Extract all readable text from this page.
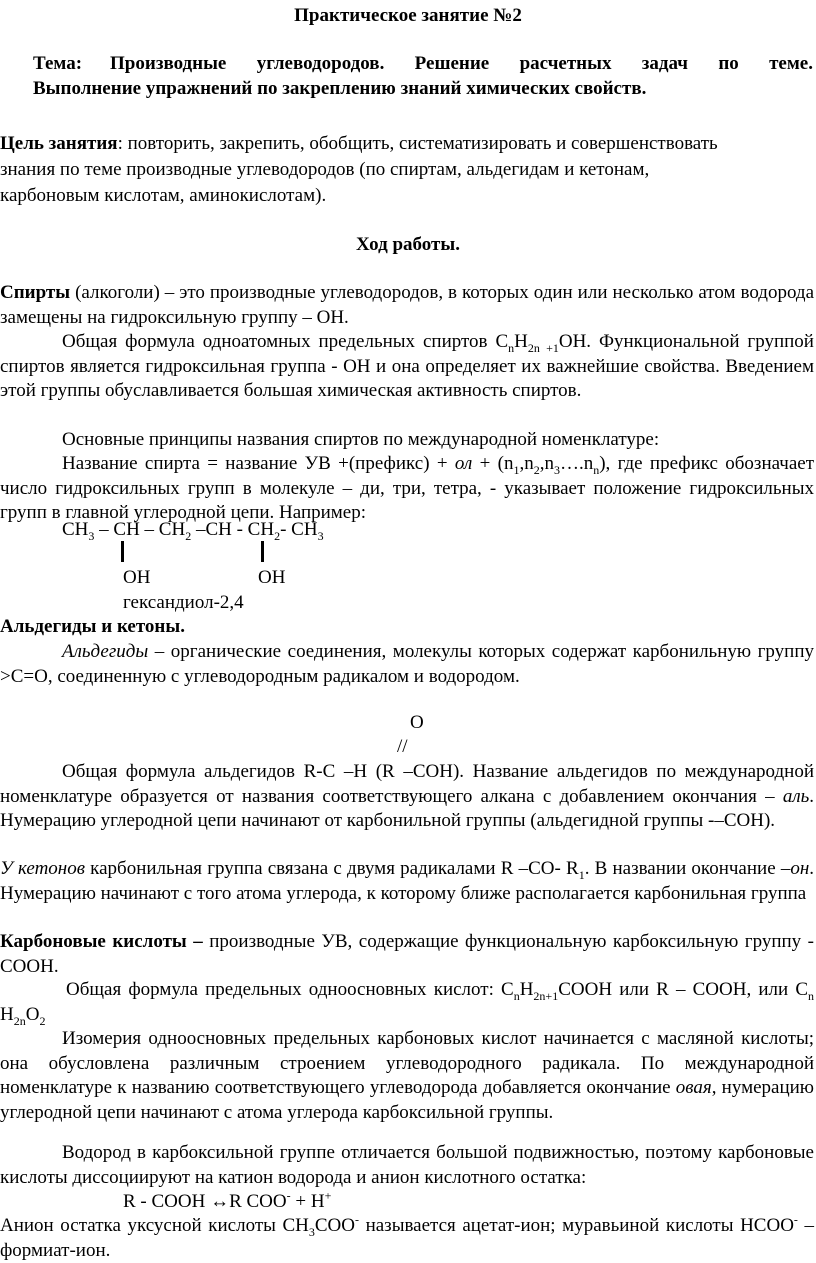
Практическое занятие №2
Тема: Производные углеводородов. Решение расчетных задач по теме.
Выполнение упражнений по закреплению знаний химических свойств.
Цель занятия: повторить, закрепить, обобщить, систематизировать и совершенствовать
знания по теме производные углеводородов (по спиртам, альдегидам и кетонам,
карбоновым кислотам, аминокислотам).
Ход работы.
Спирты (алкоголи) – это производные углеводородов, в которых один или несколько атом водорода замещены на гидроксильную группу – ОН.
Общая формула одноатомных предельных спиртов $C_nH_{2n +1}ОН$. Функциональной группой спиртов является гидроксильная группа - ОН и она определяет их важнейшие свойства. Введением этой группы обуславливается большая химическая активность спиртов.
Основные принципы названия спиртов по международной номенклатуре:
Название спирта = название УВ +(префикс) + ол + $(n_1,n_2,n_3\dots.n_n)$, где префикс обозначает число гидроксильных групп в молекуле – ди, три, тетра, - указывает положение гидроксильных групп в главной углеродной цепи. Например:
$CH_3$ – CH – $CH_2$ $-CH - CH_2-$ $CH_3$
OH	OH
гександиол-2,4
Альдегиды и кетоны.
Альдегиды – органические соединения, молекулы которых содержат карбонильную группу >С=О, соединенную с углеводородным радикалом и водородом.
O
//
Общая формула альдегидов R-C –H (R –COH). Название альдегидов по международной номенклатуре образуется от названия соответствующего алкана с добавлением окончания – аль. Нумерацию углеродной цепи начинают от карбонильной группы (альдегидной группы -–СОН).
У кетонов карбонильная группа связана с двумя радикалами R –CO- $R_1$. В названии окончание –он. Нумерацию начинают с того атома углерода, к которому ближе располагается карбонильная группа
Карбоновые кислоты – производные УВ, содержащие функциональную карбоксильную группу - СООН.
Общая формула предельных одноосновных кислот: $C_nH_{2n+1}COOH$ или R – COOH, или $C_n$ $H_{2n}O_2$
Изомерия одноосновных предельных карбоновых кислот начинается с масляной кислоты; она обусловлена различным строением углеводородного радикала. По международной номенклатуре к названию соответствующего углеводорода добавляется окончание овая, нумерацию углеродной цепи начинают с атома углерода карбоксильной группы.
Водород в карбоксильной группе отличается большой подвижностью, поэтому карбоновые кислоты диссоциируют на катион водорода и анион кислотного остатка:
R - COOH ↔R COO- + H+
Анион остатка уксусной кислоты $CH_3COO^-$ называется ацетат-ион; муравьиной кислоты HCOO- – формиат-ион.
